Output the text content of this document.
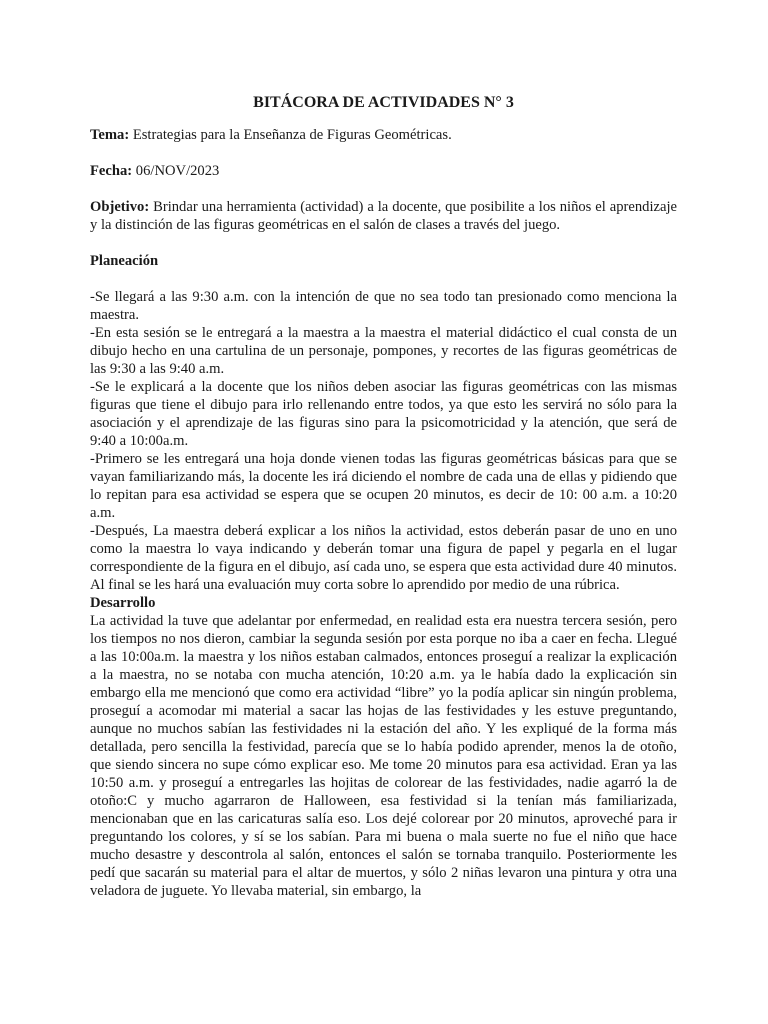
BITÁCORA DE ACTIVIDADES N° 3

Tema: Estrategias para la Enseñanza de Figuras Geométricas.

Fecha: 06/NOV/2023

Objetivo: Brindar una herramienta (actividad) a la docente, que posibilite a los niños el aprendizaje y la distinción de las figuras geométricas en el salón de clases a través del juego.

Planeación

-Se llegará a las 9:30 a.m. con la intención de que no sea todo tan presionado como menciona la maestra.

-En esta sesión se le entregará a la maestra a la maestra el material didáctico el cual consta de un dibujo hecho en una cartulina de un personaje, pompones, y recortes de las figuras geométricas de las 9:30 a las 9:40 a.m.

-Se le explicará a la docente que los niños deben asociar las figuras geométricas con las mismas figuras que tiene el dibujo para irlo rellenando entre todos, ya que esto les servirá no sólo para la asociación y el aprendizaje de las figuras sino para la psicomotricidad y la atención, que será de 9:40 a 10:00a.m.

-Primero se les entregará una hoja donde vienen todas las figuras geométricas básicas para que se vayan familiarizando más, la docente les irá diciendo el nombre de cada una de ellas y pidiendo que lo repitan para esa actividad se espera que se ocupen 20 minutos, es decir de 10: 00 a.m. a 10:20 a.m.

-Después, La maestra deberá explicar a los niños la actividad, estos deberán pasar de uno en uno como la maestra lo vaya indicando y deberán tomar una figura de papel y pegarla en el lugar correspondiente de la figura en el dibujo, así cada uno, se espera que esta actividad dure 40 minutos. Al final se les hará una evaluación muy corta sobre lo aprendido por medio de una rúbrica.

Desarrollo

La actividad la tuve que adelantar por enfermedad, en realidad esta era nuestra tercera sesión, pero los tiempos no nos dieron, cambiar la segunda sesión por esta porque no iba a caer en fecha. Llegué a las 10:00a.m. la maestra y los niños estaban calmados, entonces proseguí a realizar la explicación a la maestra, no se notaba con mucha atención, 10:20 a.m. ya le había dado la explicación sin embargo ella me mencionó que como era actividad “libre” yo la podía aplicar sin ningún problema, proseguí a acomodar mi material a sacar las hojas de las festividades y les estuve preguntando, aunque no muchos sabían las festividades ni la estación del año. Y les expliqué de la forma más detallada, pero sencilla la festividad, parecía que se lo había podido aprender, menos la de otoño, que siendo sincera no supe cómo explicar eso. Me tome 20 minutos para esa actividad. Eran ya las 10:50 a.m. y proseguí a entregarles las hojitas de colorear de las festividades, nadie agarró la de otoño:C y mucho agarraron de Halloween, esa festividad si la tenían más familiarizada, mencionaban que en las caricaturas salía eso. Los dejé colorear por 20 minutos, aproveché para ir preguntando los colores, y sí se los sabían. Para mi buena o mala suerte no fue el niño que hace mucho desastre y descontrola al salón, entonces el salón se tornaba tranquilo. Posteriormente les pedí que sacarán su material para el altar de muertos, y sólo 2 niñas levaron una pintura y otra una veladora de juguete. Yo llevaba material, sin embargo, la
